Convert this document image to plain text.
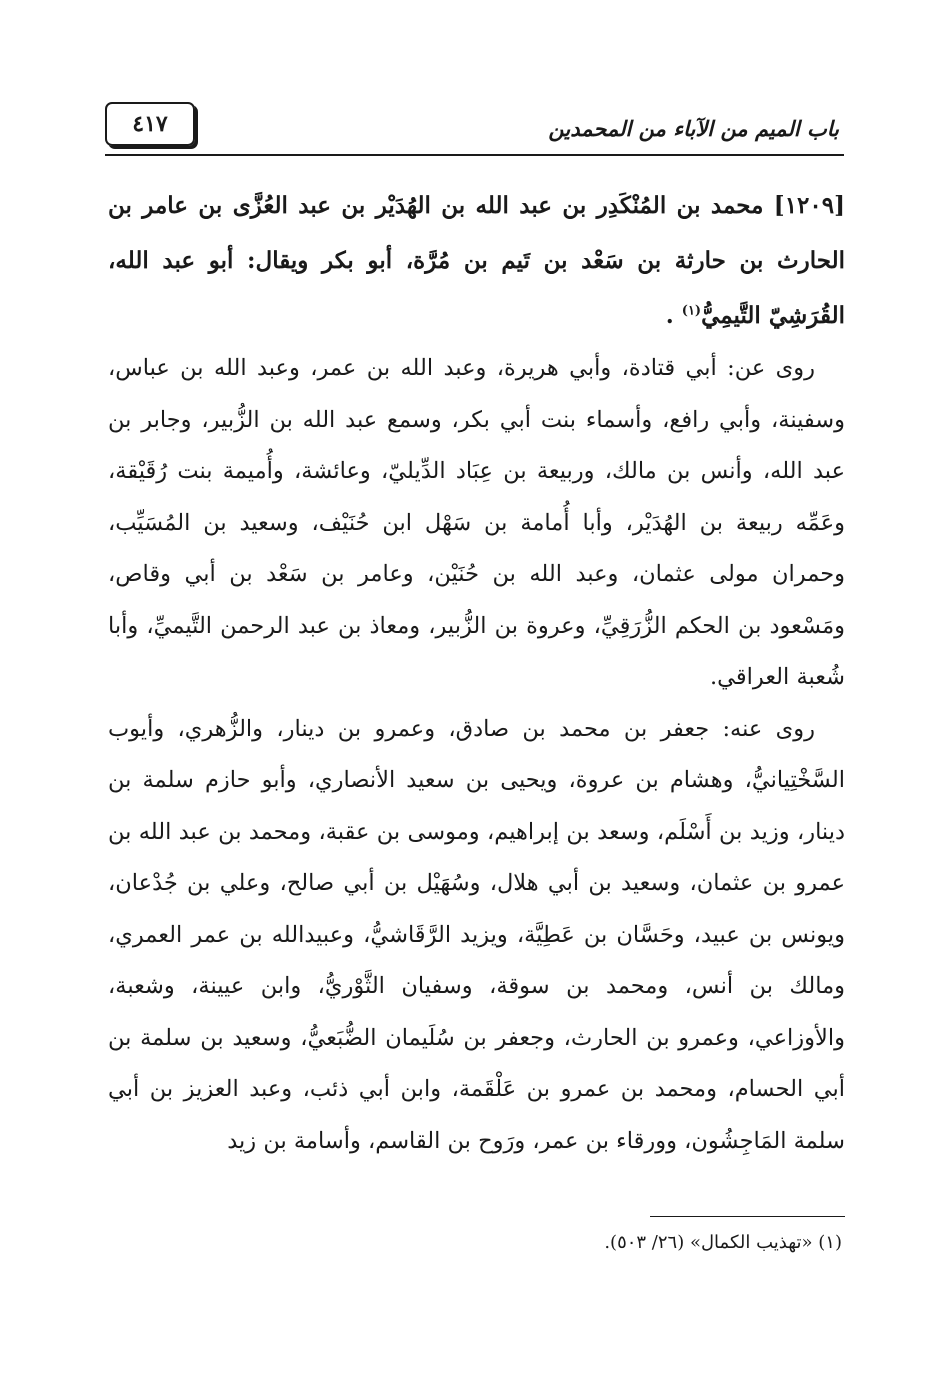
باب الميم من الآباء من المحمدين
٤١٧

[١٢٠٩] محمد بن المُنْكَدِر بن عبد الله بن الهُدَيْر بن عبد العُزَّى بن عامر بن الحارث بن حارثة بن سَعْد بن تَيم بن مُرَّة، أبو بكر ويقال: أبو عبد الله، القُرَشِيّ التَّيمِيُّ$^{(١)}$ .

روى عن: أبي قتادة، وأبي هريرة، وعبد الله بن عمر، وعبد الله بن عباس، وسفينة، وأبي رافع، وأسماء بنت أبي بكر، وسمع عبد الله بن الزُّبير، وجابر بن عبد الله، وأنس بن مالك، وربيعة بن عِبَاد الدِّيليّ، وعائشة، وأُميمة بنت رُقَيْقة، وعَمِّه ربيعة بن الهُدَيْر، وأبا أُمامة بن سَهْل ابن حُنَيْف، وسعيد بن المُسَيِّب، وحمران مولى عثمان، وعبد الله بن حُنَيْن، وعامر بن سَعْد بن أبي وقاص، ومَسْعود بن الحكم الزُّرَقِيِّ، وعروة بن الزُّبير، ومعاذ بن عبد الرحمن التَّيميِّ، وأبا شُعبة العراقي.

روى عنه: جعفر بن محمد بن صادق، وعمرو بن دينار، والزُّهري، وأيوب السَّخْتِيانيُّ، وهشام بن عروة، ويحيى بن سعيد الأنصاري، وأبو حازم سلمة بن دينار، وزيد بن أَسْلَم، وسعد بن إبراهيم، وموسى بن عقبة، ومحمد بن عبد الله بن عمرو بن عثمان، وسعيد بن أبي هلال، وسُهَيْل بن أبي صالح، وعلي بن جُدْعان، ويونس بن عبيد، وحَسَّان بن عَطِيَّة، ويزيد الرَّقَاشيُّ، وعبيدالله بن عمر العمري، ومالك بن أنس، ومحمد بن سوقة، وسفيان الثَّوْريُّ، وابن عيينة، وشعبة، والأوزاعي، وعمرو بن الحارث، وجعفر بن سُلَيمان الضُّبَعيُّ، وسعيد بن سلمة بن أبي الحسام، ومحمد بن عمرو بن عَلْقَمة، وابن أبي ذئب، وعبد العزيز بن أبي سلمة المَاجِشُون، وورقاء بن عمر، ورَوح بن القاسم، وأسامة بن زيد

(١) «تهذيب الكمال» (٢٦/ ٥٠٣).
